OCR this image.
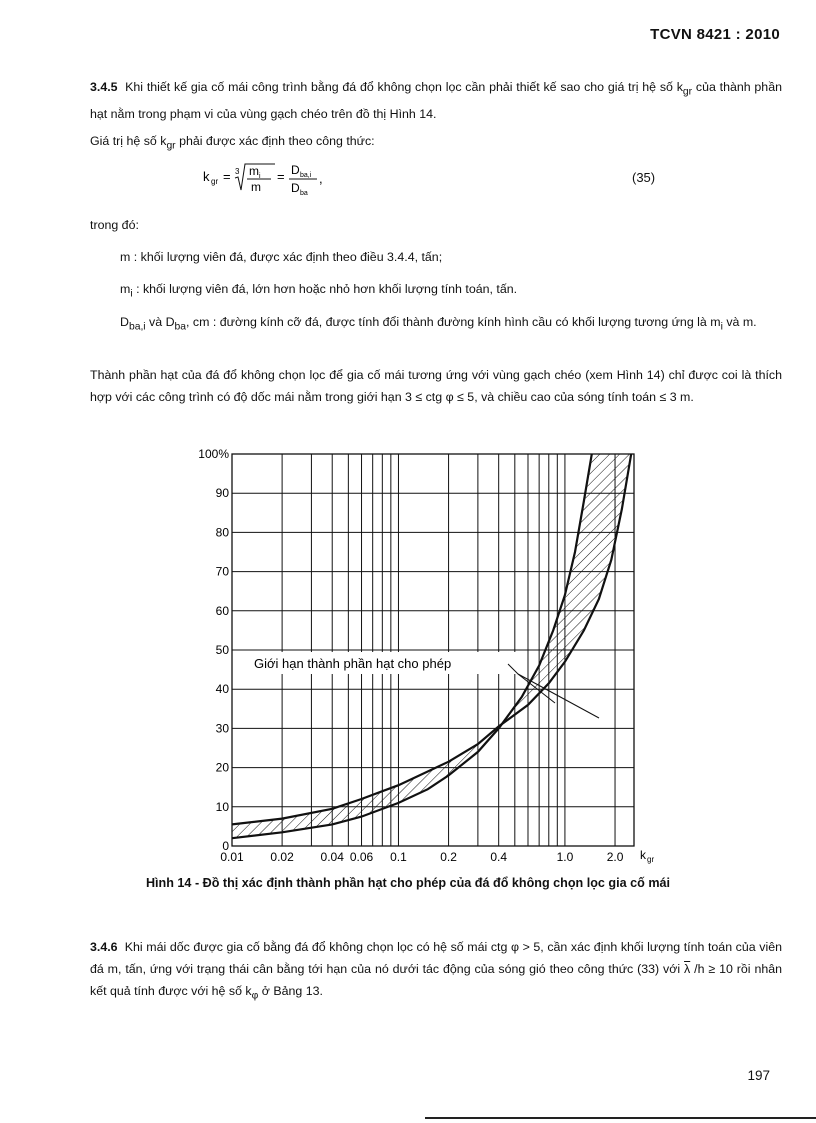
TCVN 8421 : 2010
3.4.5 Khi thiết kế gia cố mái công trình bằng đá đổ không chọn lọc cần phải thiết kế sao cho giá trị hệ số $k_{gr}$ của thành phần hạt nằm trong phạm vi của vùng gạch chéo trên đồ thị Hình 14.
Giá trị hệ số $k_{gr}$ phải được xác định theo công thức:
k gr = 3 m i
m
= D ba,i
D ba
,	(35)
trong đó:
m : khối lượng viên đá, được xác định theo điều 3.4.4, tấn;
$m_i$ : khối lượng viên đá, lớn hơn hoặc nhỏ hơn khối lượng tính toán, tấn.
$D_{ba,i}$ và $D_{ba}$, cm : đường kính cỡ đá, được tính đổi thành đường kính hình cầu có khối lượng tương ứng là $m_i$ và m.
Thành phần hạt của đá đổ không chọn lọc để gia cố mái tương ứng với vùng gạch chéo (xem Hình 14) chỉ được coi là thích hợp với các công trình có độ dốc mái nằm trong giới hạn 3 ≤ ctg φ ≤ 5, và chiều cao của sóng tính toán ≤ 3 m.
Giới hạn thành phần hạt cho phép
100%
90
80
70
60
50
40
30
20
10
0
0.01 0.02 0.04 0.06 0.1	0.2	0.4	1.0	2.0 k gr
Hình 14 - Đồ thị xác định thành phần hạt cho phép của đá đổ không chọn lọc gia cố mái
3.4.6 Khi mái dốc được gia cố bằng đá đổ không chọn lọc có hệ số mái ctg φ > 5, cần xác định khối lượng tính toán của viên đá m, tấn, ứng với trạng thái cân bằng tới hạn của nó dưới tác động của sóng gió theo công thức (33) với $\overline{\lambda}$ /h ≥ 10 rồi nhân kết quả tính được với hệ số $k_\varphi$ ở Bảng 13.
197
